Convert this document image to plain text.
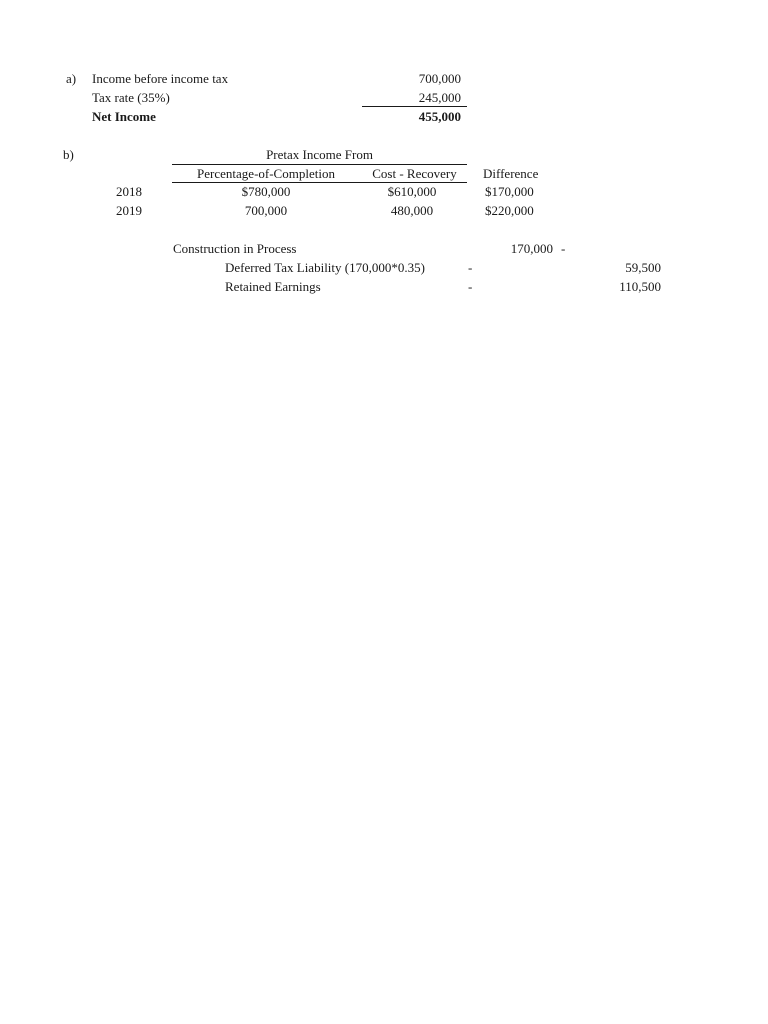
a) Income before income tax	700,000
Tax rate (35%)	245,000
Net Income	455,000
b)	Pretax Income From
Percentage-of-Completion	Cost - Recovery	Difference
2018	$780,000	$610,000	$170,000
2019	700,000	480,000	$220,000
Construction in Process	170,000 -
Deferred Tax Liability (170,000*0.35)	-	59,500
Retained Earnings	-	110,500
